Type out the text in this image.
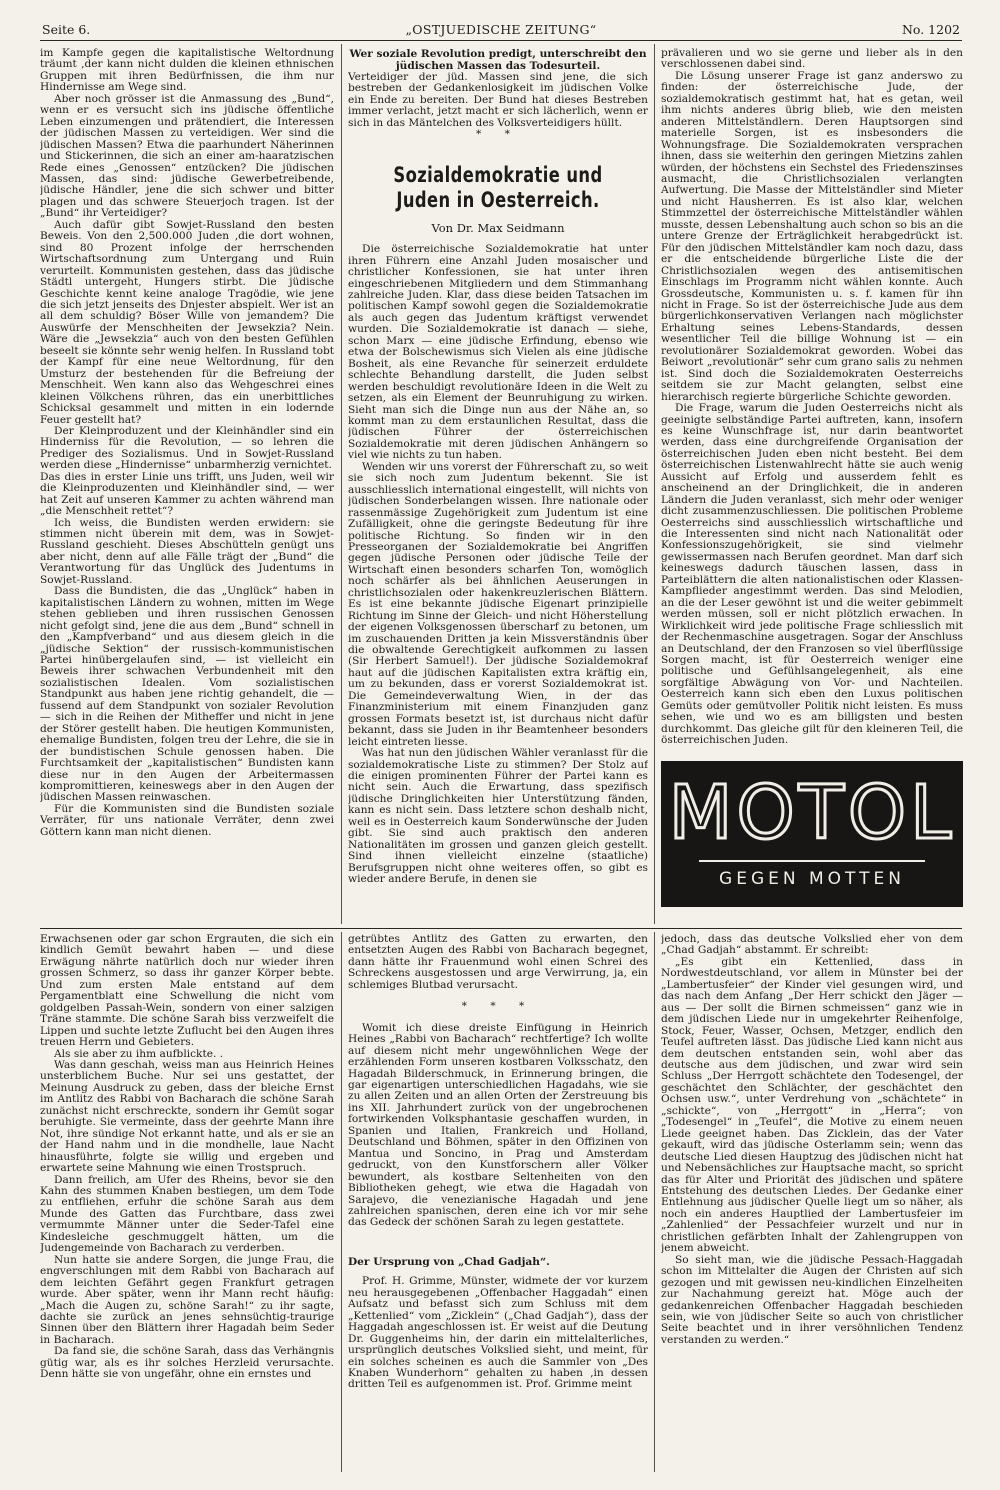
Seite 6.	„OSTJUEDISCHE ZEITUNG“	No. 1202

im Kampfe gegen die kapitalistische Weltordnung träumt ‚der kann nicht dulden die kleinen ethnischen Gruppen mit ihren Bedürfnissen, die ihm nur Hindernisse am Wege sind.

Aber noch grösser ist die Anmassung des „Bund“, wenn er es versucht sich ins jüdische öffentliche Leben einzumengen und prätendiert, die Interessen der jüdischen Massen zu verteidigen. Wer sind die jüdischen Massen? Etwa die paarhundert Näherinnen und Stickerinnen, die sich an einer am-haaratzischen Rede eines „Genossen“ entzücken? Die jüdischen Massen, das sind: jüdische Gewerbetreibende, jüdische Händler, jene die sich schwer und bitter plagen und das schwere Steuerjoch tragen. Ist der „Bund“ ihr Verteidiger?

Auch dafür gibt Sowjet-Russland den besten Beweis. Von den 2,500.000 Juden ‚die dort wohnen, sind 80 Prozent infolge der herrschenden Wirtschaftsordnung zum Untergang und Ruin verurteilt. Kommunisten gestehen, dass das jüdische Städtl untergeht, Hungers stirbt. Die jüdische Geschichte kennt keine analoge Tragödie, wie jene die sich jetzt jenseits des Dnjester abspielt. Wer ist an all dem schuldig? Böser Wille von jemandem? Die Auswürfe der Menschheiten der Jewsekzia? Nein. Wäre die „Jewsekzia“ auch von den besten Gefühlen beseelt sie könnte sehr wenig helfen. In Russland tobt der Kampf für eine neue Weltordnung, für den Umsturz der bestehenden für die Befreiung der Menschheit. Wen kann also das Wehgeschrei eines kleinen Völkchens rühren, das ein unerbittliches Schicksal gesammelt und mitten in ein lodernde Feuer gestellt hat?

Der Kleinproduzent und der Kleinhändler sind ein Hinderniss für die Revolution, — so lehren die Prediger des Sozialismus. Und in Sowjet-Russland werden diese „Hindernisse“ unbarmherzig vernichtet.

Das dies in erster Linie uns trifft, uns Juden, weil wir die Kleinproduzenten und Kleinhändler sind, — wer hat Zeit auf unseren Kammer zu achten während man „die Menschheit rettet“?

Ich weiss, die Bundisten werden erwidern: sie stimmen nicht überein mit dem, was in Sowjet-Russland geschieht. Dieses Abschütteln genügt uns aber nicht, denn auf alle Fälle trägt der „Bund“ die Verantwortung für das Unglück des Judentums in Sowjet-Russland.

Dass die Bundisten, die das „Unglück“ haben in kapitalistischen Ländern zu wohnen, mitten im Wege stehen geblieben und ihren russischen Genossen nicht gefolgt sind, jene die aus dem „Bund“ schnell in den „Kampfverband“ und aus diesem gleich in die „jüdische Sektion“ der russisch-kommunistischen Partei hinübergelaufen sind, — ist vielleicht ein Beweis ihrer schwachen Verbundenheit mit den sozialistischen Idealen. Vom sozialistischen Standpunkt aus haben jene richtig gehandelt, die — fussend auf dem Standpunkt von sozialer Revolution — sich in die Reihen der Mitheffer und nicht in jene der Störer gestellt haben. Die heutigen Kommunisten, ehemalige Bundisten, folgen treu der Lehre, die sie in der bundistischen Schule genossen haben. Die Furchtsamkeit der „kapitalistischen“ Bundisten kann diese nur in den Augen der Arbeitermassen kompromittieren, keineswegs aber in den Augen der jüdischen Massen reinwaschen.

Für die Kommunisten sind die Bundisten soziale Verräter, für uns nationale Verräter, denn zwei Göttern kann man nicht dienen.

Wer soziale Revolution predigt, unterschreibt den jüdischen Massen das Todesurteil.

Verteidiger der jüd. Massen sind jene, die sich bestreben der Gedankenlosigkeit im jüdischen Volke ein Ende zu bereiten. Der Bund hat dieses Bestreben immer verlacht, jetzt macht er sich lächerlich, wenn er sich in das Mäntelchen des Volksverteidigers hüllt.

* *
Sozialdemokratie und Juden in Oesterreich.
Von Dr. Max Seidmann

Die österreichische Sozialdemokratie hat unter ihren Führern eine Anzahl Juden mosaischer und christlicher Konfessionen, sie hat unter ihren eingeschriebenen Mitgliedern und dem Stimmanhang zahlreiche Juden. Klar, dass diese beiden Tatsachen im politischen Kampf sowohl gegen die Sozialdemokratie als auch gegen das Judentum kräftigst verwendet wurden. Die Sozialdemokratie ist danach — siehe, schon Marx — eine jüdische Erfindung, ebenso wie etwa der Bolschewismus sich Vielen als eine jüdische Bosheit, als eine Revanche für seinerzeit erduldete schlechte Behandlung darstellt, die Juden selbst werden beschuldigt revolutionäre Ideen in die Welt zu setzen, als ein Element der Beunruhigung zu wirken. Sieht man sich die Dinge nun aus der Nähe an, so kommt man zu dem erstaunlichen Resultat, dass die jüdischen Führer der österreichischen Sozialdemokratie mit deren jüdischen Anhängern so viel wie nichts zu tun haben.

Wenden wir uns vorerst der Führerschaft zu, so weit sie sich noch zum Judentum bekennt. Sie ist ausschliesslich international eingestellt, will nichts von jüdischen Sonderbelangen wissen. Ihre nationale oder rassenmässige Zugehörigkeit zum Judentum ist eine Zufälligkeit, ohne die geringste Bedeutung für ihre politische Richtung. So finden wir in den Presseorganen der Sozialdemokratie bei Angriffen gegen jüdische Personen oder jüdische Teile der Wirtschaft einen besonders scharfen Ton, womöglich noch schärfer als bei ähnlichen Aeuserungen in christlichsozialen oder hakenkreuzlerischen Blättern. Es ist eine bekannte jüdische Eigenart prinzipielle Richtung im Sinne der Gleich- und nicht Höherstellung der eigenen Volksgenossen überscharf zu betonen, um im zuschauenden Dritten ja kein Missverständnis über die obwaltende Gerechtigkeit aufkommen zu lassen (Sir Herbert Samuel!). Der jüdische Sozialdemokraf haut auf die jüdischen Kapitalisten extra kräftig ein, um zu bekunden, dass er vorerst Sozialdemokrat ist. Die Gemeindeverwaltung Wien, in der das Finanzministerium mit einem Finanzjuden ganz grossen Formats besetzt ist, ist durchaus nicht dafür bekannt, dass sie Juden in ihr Beamtenheer besonders leicht eintreten liesse.

Was hat nun den jüdischen Wähler veranlasst für die sozialdemokratische Liste zu stimmen? Der Stolz auf die einigen prominenten Führer der Partei kann es nicht sein. Auch die Erwartung, dass spezifisch jüdische Dringlichkeiten hier Unterstützung fänden, kann es nicht sein. Dass letztere schon deshalb nicht, weil es in Oesterreich kaum Sonderwünsche der Juden gibt. Sie sind auch praktisch den anderen Nationalitäten im grossen und ganzen gleich gestellt. Sind ihnen vielleicht einzelne (staatliche) Berufsgruppen nicht ohne weiteres offen, so gibt es wieder andere Berufe, in denen sie

prävalieren und wo sie gerne und lieber als in den verschlossenen dabei sind.

Die Lösung unserer Frage ist ganz anderswo zu finden: der österreichische Jude, der sozialdemokratisch gestimmt hat, hat es getan, weil ihm nichts anderes übrig blieb, wie den meisten anderen Mittelständlern. Deren Hauptsorgen sind materielle Sorgen, ist es insbesonders die Wohnungsfrage. Die Sozialdemokraten versprachen ihnen, dass sie weiterhin den geringen Mietzins zahlen würden, der höchstens ein Sechstel des Friedenszinses ausmacht, die Christlichsozialen verlangten Aufwertung. Die Masse der Mittelständler sind Mieter und nicht Hausherren. Es ist also klar, welchen Stimmzettel der österreichische Mittelständler wählen musste, dessen Lebenshaltung auch schon so bis an die untere Grenze der Erträglichkeit herabgedrückt ist. Für den jüdischen Mittelständler kam noch dazu, dass er die entscheidende bürgerliche Liste die der Christlichsozialen wegen des antisemitischen Einschlags im Programm nicht wählen konnte. Auch Grossdeutsche, Kommunisten u. s. f. kamen für ihn nicht in Frage. So ist der österreichische Jude aus dem bürgerlichkonservativen Verlangen nach möglichster Erhaltung seines Lebens-Standards, dessen wesentlicher Teil die billige Wohnung ist — ein revolutionärer Sozialdemokrat geworden. Wobei das Beiwort „revolutionär“ sehr cum grano salis zu nehmen ist. Sind doch die Sozialdemokraten Oesterreichs seitdem sie zur Macht gelangten, selbst eine hierarchisch regierte bürgerliche Schichte geworden.

Die Frage, warum die Juden Oesterreichs nicht als geeinigte selbständige Partei auftreten, kann, insofern es keine Wunschfrage ist, nur darin beantwortet werden, dass eine durchgreifende Organisation der österreichischen Juden eben nicht besteht. Bei dem österreichischen Listenwahlrecht hätte sie auch wenig Aussicht auf Erfolg und ausserdem fehlt es anscheinend an der Dringlichkeit, die in anderen Ländern die Juden veranlasst, sich mehr oder weniger dicht zusammenzuschliessen. Die politischen Probleme Oesterreichs sind ausschliesslich wirtschaftliche und die Interessenten sind nicht nach Nationalität oder Konfessionszugehörigkeit, sie sind vielmehr gewissermassen nach Berufen geordnet. Man darf sich keineswegs dadurch täuschen lassen, dass in Parteiblättern die alten nationalistischen oder Klassen-Kampflieder angestimmt werden. Das sind Melodien, an die der Leser gewöhnt ist und die weiter gebimmelt werden müssen, soll er nicht plötzlich erwachen. In Wirklichkeit wird jede politische Frage schliesslich mit der Rechenmaschine ausgetragen. Sogar der Anschluss an Deutschland, der den Franzosen so viel überflüssige Sorgen macht, ist für Oesterreich weniger eine politische und Gefühlsangelegenheit, als eine sorgfältige Abwägung von Vor- und Nachteilen. Oesterreich kann sich eben den Luxus politischen Gemüts oder gemütvoller Politik nicht leisten. Es muss sehen, wie und wo es am billigsten und besten durchkommt. Das gleiche gilt für den kleineren Teil, die österreichischen Juden.

MOTOL
GEGEN MOTTEN

Erwachsenen oder gar schon Ergrauten, die sich ein kindlich Gemüt bewahrt haben — und diese Erwägung nährte natürlich doch nur wieder ihren grossen Schmerz, so dass ihr ganzer Körper bebte. Und zum ersten Male entstand auf dem Pergamentblatt eine Schwellung die nicht vom goldgelben Passah-Wein, sondern von einer salzigen Träne stammte. Die schöne Sarah biss verzweifelt die Lippen und suchte letzte Zuflucht bei den Augen ihres treuen Herrn und Gebieters.

Als sie aber zu ihm aufblickte. .

Was dann geschah, weiss man aus Heinrich Heines unsterblichem Buche. Nur sei uns gestattet, der Meinung Ausdruck zu geben, dass der bleiche Ernst im Antlitz des Rabbi von Bacharach die schöne Sarah zunächst nicht erschreckte, sondern ihr Gemüt sogar beruhigte. Sie vermeinte, dass der geehrte Mann ihre Not, ihre sündige Not erkannt hatte, und als er sie an der Hand nahm und in die mondhelle, laue Nacht hinausführte, folgte sie willig und ergeben und erwartete seine Mahnung wie einen Trostspruch.

Dann freilich, am Ufer des Rheins, bevor sie den Kahn des stummen Knaben bestiegen, um dem Tode zu entfliehen, erfuhr die schöne Sarah aus dem Munde des Gatten das Furchtbare, dass zwei vermummte Männer unter die Seder-Tafel eine Kindesleiche geschmuggelt hätten, um die Judengemeinde von Bacharach zu verderben.

Nun hatte sie andere Sorgen, die junge Frau, die engverschlungen mit dem Rabbi von Bacharach auf dem leichten Gefährt gegen Frankfurt getragen wurde. Aber später, wenn ihr Mann recht häufig: „Mach die Augen zu, schöne Sarah!“ zu ihr sagte, dachte sie zurück an jenes sehnsüchtig-traurige Sinnen über den Blättern ihrer Hagadah beim Seder in Bacharach.

Da fand sie, die schöne Sarah, dass das Verhängnis gütig war, als es ihr solches Herzleid verursachte. Denn hätte sie von ungefähr, ohne ein ernstes und

getrübtes Antlitz des Gatten zu erwarten, den entsetzten Augen des Rabbi von Bacharach begegnet, dann hätte ihr Frauenmund wohl einen Schrei des Schreckens ausgestossen und arge Verwirrung, ja, ein schlemiges Blutbad verursacht.

* * *

Womit ich diese dreiste Einfügung in Heinrich Heines „Rabbi von Bacharach“ rechtfertige? Ich wollte auf diesem nicht mehr ungewöhnlichen Wege der erzählenden Form unseren kostbaren Volksschatz, den Hagadah Bilderschmuck, in Erinnerung bringen, die gar eigenartigen unterschiedlichen Hagadahs, wie sie zu allen Zeiten und an allen Orten der Zerstreuung bis ins XII. Jahrhundert zurück von der ungebrochenen fortwirkenden Volksphantasie geschaffen wurden, in Spanien und Italien, Frankreich und Holland, Deutschland und Böhmen, später in den Offizinen von Mantua und Soncino, in Prag und Amsterdam gedruckt, von den Kunstforschern aller Völker bewundert, als kostbare Seltenheiten von den Bibliotheken gehegt, wie etwa die Hagadah von Sarajevo, die venezianische Hagadah und jene zahlreichen spanischen, deren eine ich vor mir sehe das Gedeck der schönen Sarah zu legen gestattete.

Der Ursprung von „Chad Gadjah“.

Prof. H. Grimme, Münster, widmete der vor kurzem neu herausgegebenen „Offenbacher Haggadah“ einen Aufsatz und befasst sich zum Schluss mit dem „Kettenlied“ vom „Zicklein“ („Chad Gadjah“), dass der Haggadah angeschlossen ist. Er weist auf die Deutung Dr. Guggenheims hin, der darin ein mittelalterliches, ursprünglich deutsches Volkslied sieht, und meint, für ein solches scheinen es auch die Sammler von „Des Knaben Wunderhorn“ gehalten zu haben ‚in dessen dritten Teil es aufgenommen ist. Prof. Grimme meint

jedoch, dass das deutsche Volkslied eher von dem „Chad Gadjah“ abstammt. Er schreibt:

„Es gibt ein Kettenlied, dass in Nordwestdeutschland, vor allem in Münster bei der „Lambertusfeier“ der Kinder viel gesungen wird, und das nach dem Anfang „Der Herr schickt den Jäger — aus — Der sollt die Birnen schmeissen“ ganz wie in dem jüdischen Liede nur in umgekehrter Reihenfolge, Stock, Feuer, Wasser, Ochsen, Metzger, endlich den Teufel auftreten lässt. Das jüdische Lied kann nicht aus dem deutschen entstanden sein, wohl aber das deutsche aus dem jüdischen, und zwar wird sein Schluss „Der Herrgott schächtete den Todesengel, der geschächtet den Schlächter, der geschächtet den Ochsen usw.“, unter Verdrehung von „schächtete“ in „schickte“, von „Herrgott“ in „Herra“; von „Todesengel“ in „Teufel“, die Motive zu einem neuen Liede geeignet haben. Das Zicklein, das der Vater gekauft, wird das jüdische Osterlamm sein; wenn das deutsche Lied diesen Hauptzug des jüdischen nicht hat und Nebensächliches zur Hauptsache macht, so spricht das für Alter und Priorität des jüdischen und spätere Entstehung des deutschen Liedes. Der Gedanke einer Entlehnung aus jüdischer Quelle liegt um so näher, als noch ein anderes Hauptlied der Lambertusfeier im „Zahlenlied“ der Pessachfeier wurzelt und nur in christlichen gefärbten Inhalt der Zahlengruppen von jenem abweicht.

So sieht man, wie die jüdische Pessach-Haggadah schon im Mittelalter die Augen der Christen auf sich gezogen und mit gewissen neu-kindlichen Einzelheiten zur Nachahmung gereizt hat. Möge auch der gedankenreichen Offenbacher Haggadah beschieden sein, wie von jüdischer Seite so auch von christlicher Seite beachtet und in ihrer versöhnlichen Tendenz verstanden zu werden.“
